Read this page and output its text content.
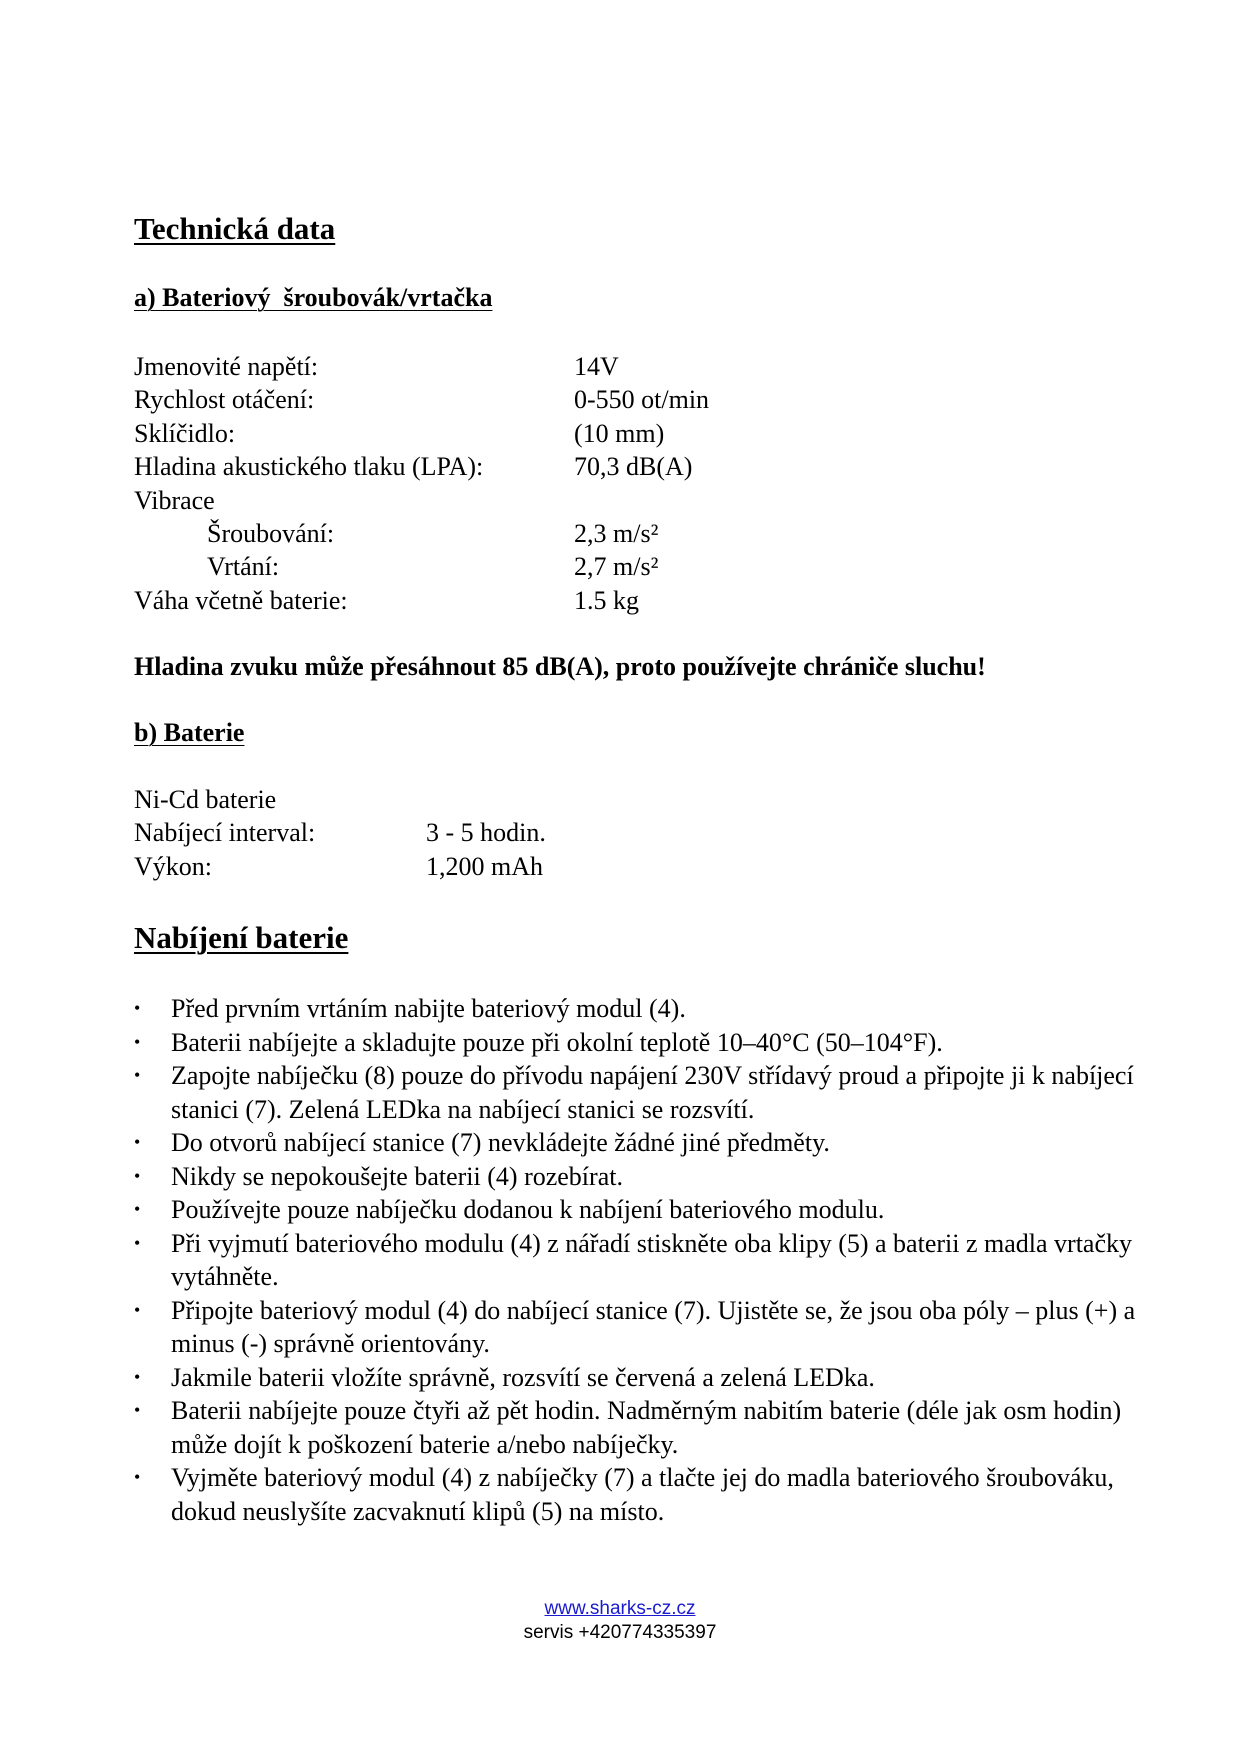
Technická data
a) Bateriový  šroubovák/vrtačka
Jmenovité napětí:	14V
Rychlost otáčení:	0-550 ot/min
Sklíčidlo:	(10 mm)
Hladina akustického tlaku (LPA):	70,3 dB(A)
Vibrace
Šroubování:	2,3 m/s²
Vrtání:	2,7 m/s²
Váha včetně baterie:	1.5 kg

Hladina zvuku může přesáhnout 85 dB(A), proto používejte chrániče sluchu!

b) Baterie
Ni-Cd baterie
Nabíjecí interval:	3 - 5 hodin.
Výkon:	1,200 mAh
Nabíjení baterie
• Před prvním vrtáním nabijte bateriový modul (4).
• Baterii nabíjejte a skladujte pouze při okolní teplotě 10–40°C (50–104°F).
• Zapojte nabíječku (8) pouze do přívodu napájení 230V střídavý proud a připojte ji k nabíjecí stanici (7). Zelená LEDka na nabíjecí stanici se rozsvítí.
• Do otvorů nabíjecí stanice (7) nevkládejte žádné jiné předměty.
• Nikdy se nepokoušejte baterii (4) rozebírat.
• Používejte pouze nabíječku dodanou k nabíjení bateriového modulu.
• Při vyjmutí bateriového modulu (4) z nářadí stiskněte oba klipy (5) a baterii z madla vrtačky vytáhněte.
• Připojte bateriový modul (4) do nabíjecí stanice (7). Ujistěte se, že jsou oba póly – plus (+) a minus (-) správně orientovány.
• Jakmile baterii vložíte správně, rozsvítí se červená a zelená LEDka.
• Baterii nabíjejte pouze čtyři až pět hodin. Nadměrným nabitím baterie (déle jak osm hodin) může dojít k poškození baterie a/nebo nabíječky.
• Vyjměte bateriový modul (4) z nabíječky (7) a tlačte jej do madla bateriového šroubováku, dokud neuslyšíte zacvaknutí klipů (5) na místo.
www.sharks-cz.cz
servis +420774335397
